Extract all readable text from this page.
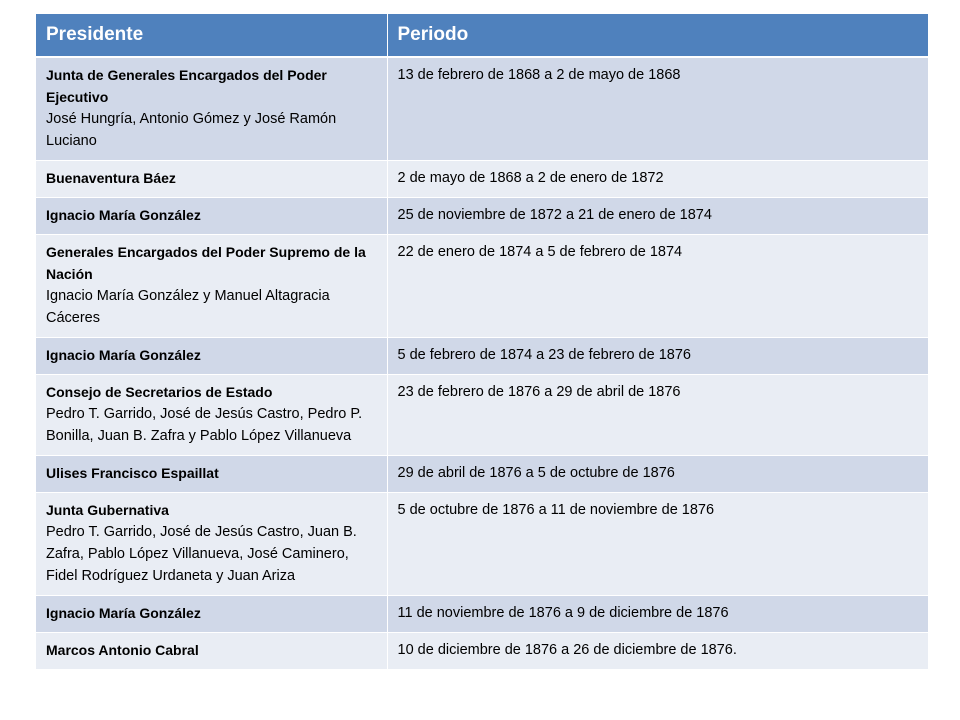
Presidente	Periodo

Junta de Generales Encargados del Poder Ejecutivo
José Hungría, Antonio Gómez y José Ramón Luciano	13 de febrero de 1868 a 2 de mayo de 1868

Buenaventura Báez	2 de mayo de 1868 a 2 de enero de 1872

Ignacio María González	25 de noviembre de 1872 a 21 de enero de 1874

Generales Encargados del Poder Supremo de la Nación
Ignacio María González y Manuel Altagracia Cáceres	22 de enero de 1874 a 5 de febrero de 1874

Ignacio María González	5 de febrero de 1874 a 23 de febrero de 1876

Consejo de Secretarios de Estado
Pedro T. Garrido, José de Jesús Castro, Pedro P. Bonilla, Juan B. Zafra y Pablo López Villanueva	23 de febrero de 1876 a 29 de abril de 1876

Ulises Francisco Espaillat	29 de abril de 1876 a 5 de octubre de 1876

Junta Gubernativa
Pedro T. Garrido, José de Jesús Castro, Juan B. Zafra, Pablo López Villanueva, José Caminero, Fidel Rodríguez Urdaneta y Juan Ariza	5 de octubre de 1876 a 11 de noviembre de 1876

Ignacio María González	11 de noviembre de 1876 a 9 de diciembre de 1876

Marcos Antonio Cabral	10 de diciembre de 1876 a 26 de diciembre de 1876.
